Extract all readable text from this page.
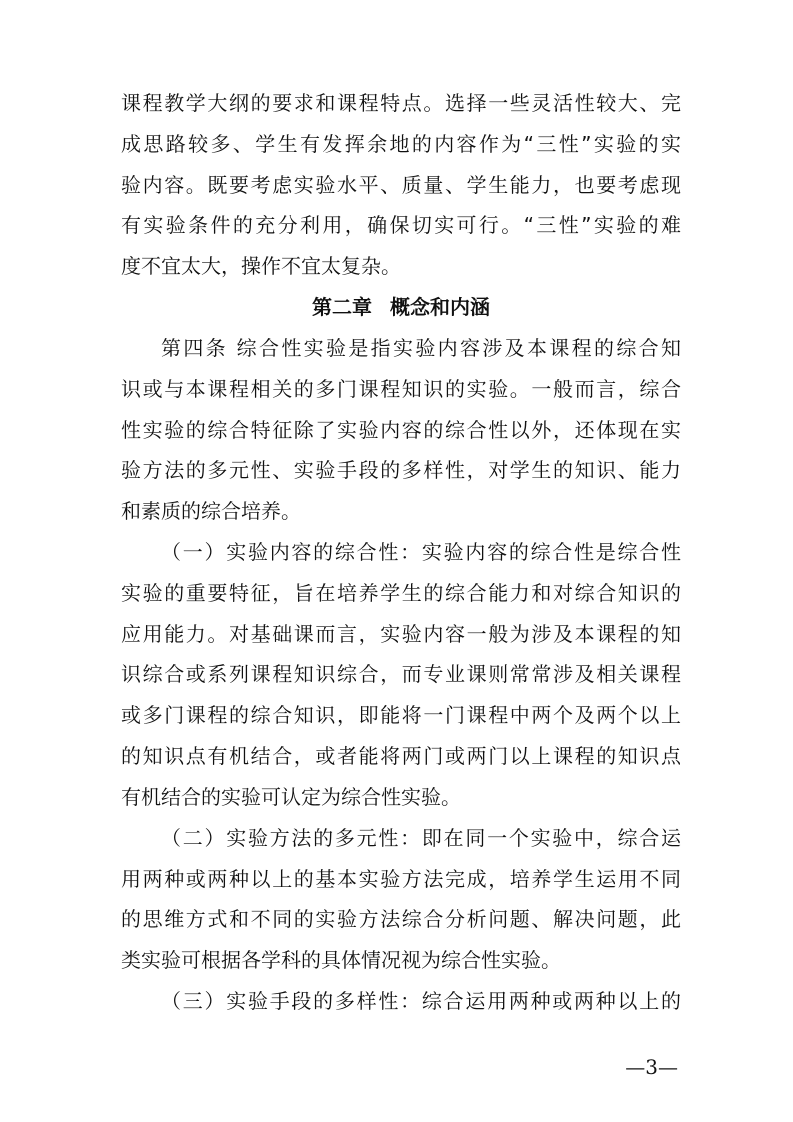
课程教学大纲的要求和课程特点。选择一些灵活性较大、完
成思路较多、学生有发挥余地的内容作为“三性”实验的实
验内容。既要考虑实验水平、质量、学生能力，也要考虑现
有实验条件的充分利用，确保切实可行。“三性”实验的难
度不宜太大，操作不宜太复杂。
第二章 概念和内涵
第四条 综合性实验是指实验内容涉及本课程的综合知
识或与本课程相关的多门课程知识的实验。一般而言，综合
性实验的综合特征除了实验内容的综合性以外，还体现在实
验方法的多元性、实验手段的多样性，对学生的知识、能力
和素质的综合培养。
（一）实验内容的综合性：实验内容的综合性是综合性
实验的重要特征，旨在培养学生的综合能力和对综合知识的
应用能力。对基础课而言，实验内容一般为涉及本课程的知
识综合或系列课程知识综合，而专业课则常常涉及相关课程
或多门课程的综合知识，即能将一门课程中两个及两个以上
的知识点有机结合，或者能将两门或两门以上课程的知识点
有机结合的实验可认定为综合性实验。
（二）实验方法的多元性：即在同一个实验中，综合运
用两种或两种以上的基本实验方法完成，培养学生运用不同
的思维方式和不同的实验方法综合分析问题、解决问题，此
类实验可根据各学科的具体情况视为综合性实验。
（三）实验手段的多样性：综合运用两种或两种以上的
—3—
